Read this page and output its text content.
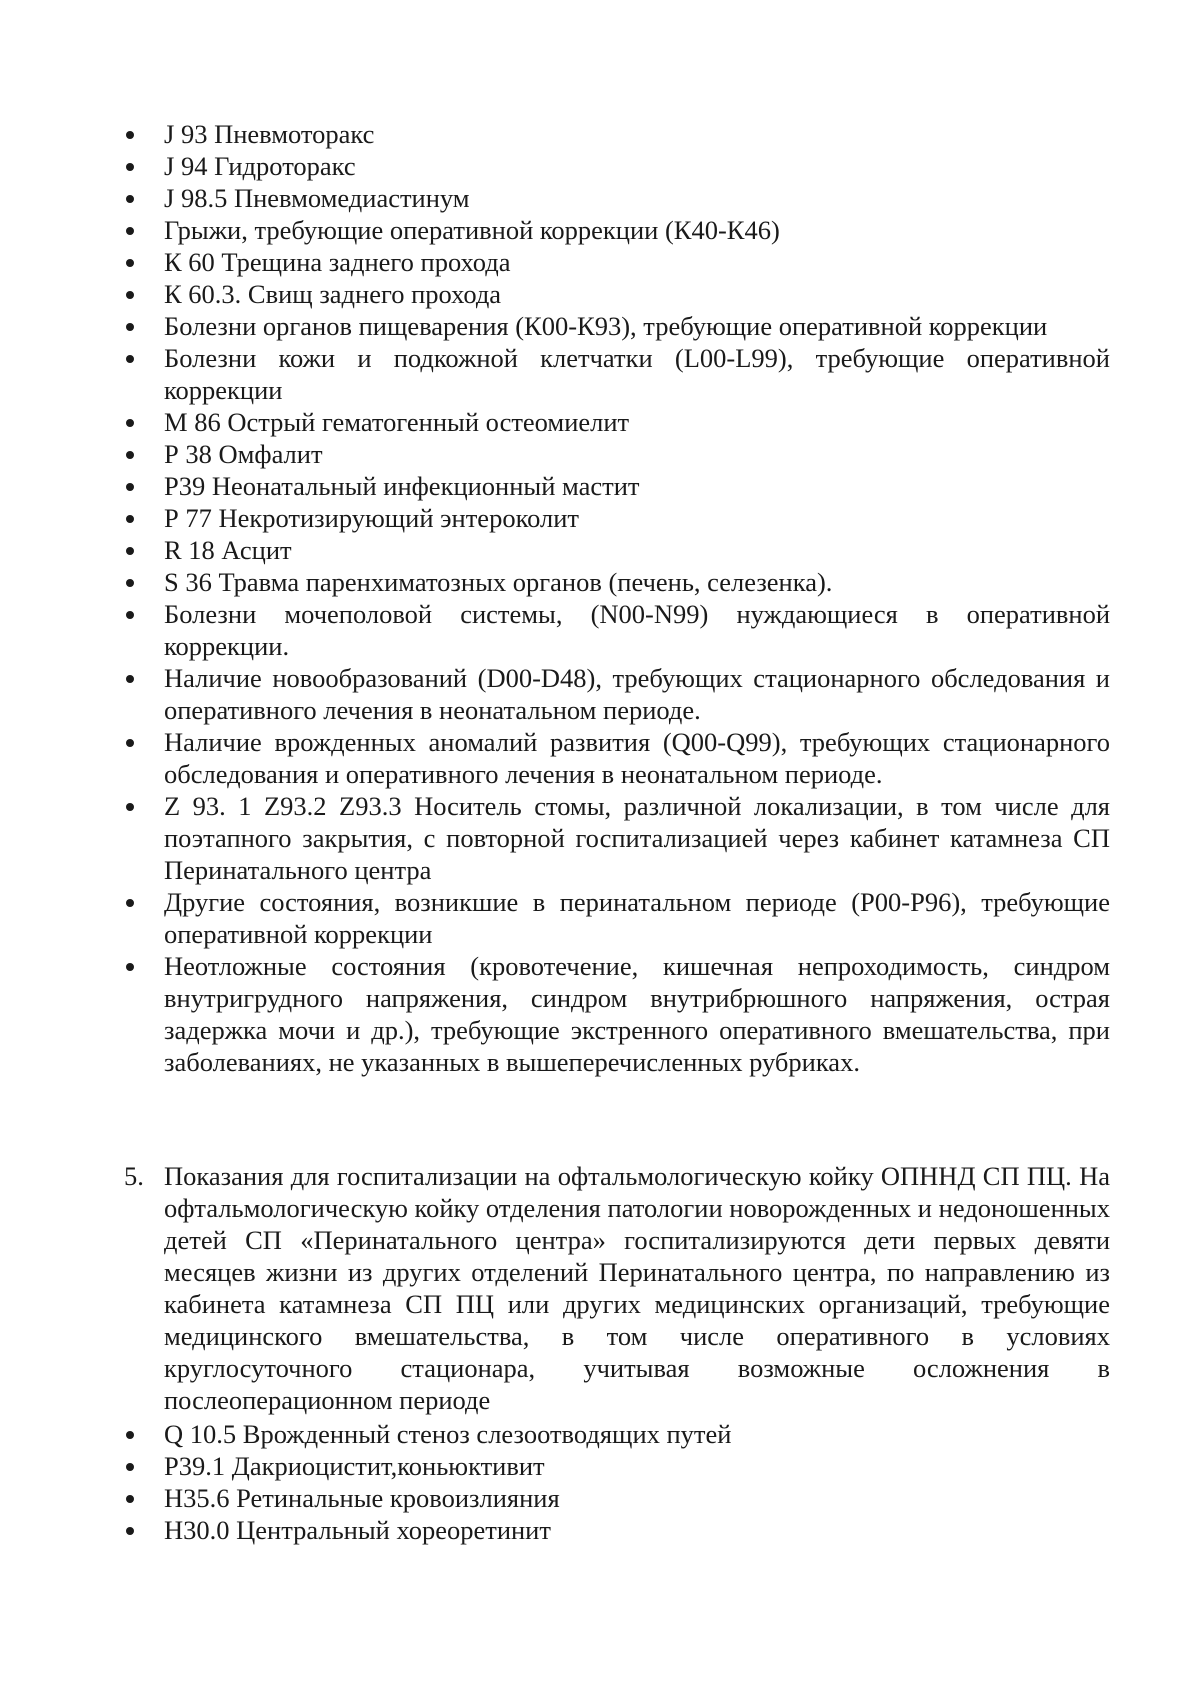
J 93 Пневмоторакс
J 94 Гидроторакс
J 98.5 Пневмомедиастинум
Грыжи, требующие оперативной коррекции (К40-К46)
К 60 Трещина заднего прохода
К 60.3. Свищ заднего прохода
Болезни органов пищеварения (К00-К93), требующие оперативной коррекции
Болезни кожи и подкожной клетчатки (L00-L99), требующие оперативной коррекции
М 86 Острый гематогенный остеомиелит
Р 38 Омфалит
Р39 Неонатальный инфекционный мастит
Р 77 Некротизирующий энтероколит
R 18 Асцит
S 36 Травма паренхиматозных органов (печень, селезенка).
Болезни мочеполовой системы, (N00-N99) нуждающиеся в оперативной коррекции.
Наличие новообразований (D00-D48), требующих стационарного обследования и оперативного лечения в неонатальном периоде.
Наличие врожденных аномалий развития (Q00-Q99), требующих стационарного обследования и оперативного лечения в неонатальном периоде.
Z 93. 1 Z93.2 Z93.3 Носитель стомы, различной локализации, в том числе для поэтапного закрытия, с повторной госпитализацией через кабинет катамнеза СП Перинатального центра
Другие состояния, возникшие в перинатальном периоде (Р00-Р96), требующие оперативной коррекции
Неотложные состояния (кровотечение, кишечная непроходимость, синдром внутригрудного напряжения, синдром внутрибрюшного напряжения, острая задержка мочи и др.), требующие экстренного оперативного вмешательства, при заболеваниях, не указанных в вышеперечисленных рубриках.
5. Показания для госпитализации на офтальмологическую койку ОПННД СП ПЦ. На офтальмологическую койку отделения патологии новорожденных и недоношенных детей СП «Перинатального центра» госпитализируются дети первых девяти месяцев жизни из других отделений Перинатального центра, по направлению из кабинета катамнеза СП ПЦ или других медицинских организаций, требующие медицинского вмешательства, в том числе оперативного в условиях круглосуточного стационара, учитывая возможные осложнения в послеоперационном периоде
Q 10.5 Врожденный стеноз слезоотводящих путей
Р39.1 Дакриоцистит,коньюктивит
Н35.6 Ретинальные кровоизлияния
Н30.0 Центральный хореоретинит
